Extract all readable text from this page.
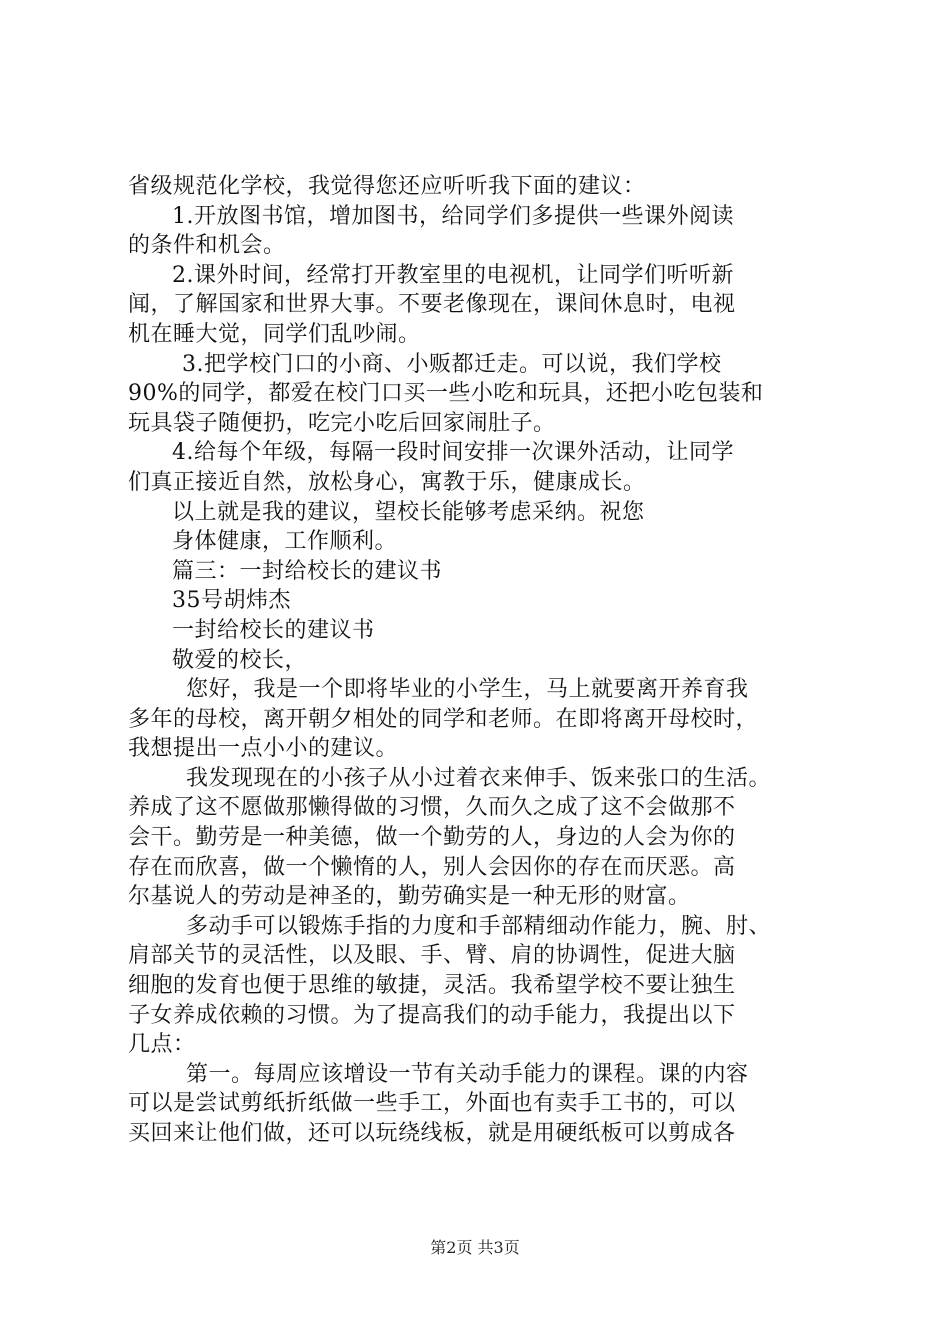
省级规范化学校，我觉得您还应听听我下面的建议：
1.开放图书馆，增加图书，给同学们多提供一些课外阅读
的条件和机会。
2.课外时间，经常打开教室里的电视机，让同学们听听新
闻，了解国家和世界大事。不要老像现在，课间休息时，电视
机在睡大觉，同学们乱吵闹。
3.把学校门口的小商、小贩都迁走。可以说，我们学校
90%的同学，都爱在校门口买一些小吃和玩具，还把小吃包装和
玩具袋子随便扔，吃完小吃后回家闹肚子。
4.给每个年级，每隔一段时间安排一次课外活动，让同学
们真正接近自然，放松身心，寓教于乐，健康成长。
以上就是我的建议，望校长能够考虑采纳。祝您
身体健康，工作顺利。
篇三：一封给校长的建议书
35号胡炜杰
一封给校长的建议书
敬爱的校长，
您好，我是一个即将毕业的小学生，马上就要离开养育我
多年的母校，离开朝夕相处的同学和老师。在即将离开母校时，
我想提出一点小小的建议。
我发现现在的小孩子从小过着衣来伸手、饭来张口的生活。
养成了这不愿做那懒得做的习惯，久而久之成了这不会做那不
会干。勤劳是一种美德，做一个勤劳的人，身边的人会为你的
存在而欣喜，做一个懒惰的人，别人会因你的存在而厌恶。高
尔基说人的劳动是神圣的，勤劳确实是一种无形的财富。
多动手可以锻炼手指的力度和手部精细动作能力，腕、肘、
肩部关节的灵活性，以及眼、手、臂、肩的协调性，促进大脑
细胞的发育也便于思维的敏捷，灵活。我希望学校不要让独生
子女养成依赖的习惯。为了提高我们的动手能力，我提出以下
几点：
第一。每周应该增设一节有关动手能力的课程。课的内容
可以是尝试剪纸折纸做一些手工，外面也有卖手工书的，可以
买回来让他们做，还可以玩绕线板，就是用硬纸板可以剪成各
第2页 共3页
